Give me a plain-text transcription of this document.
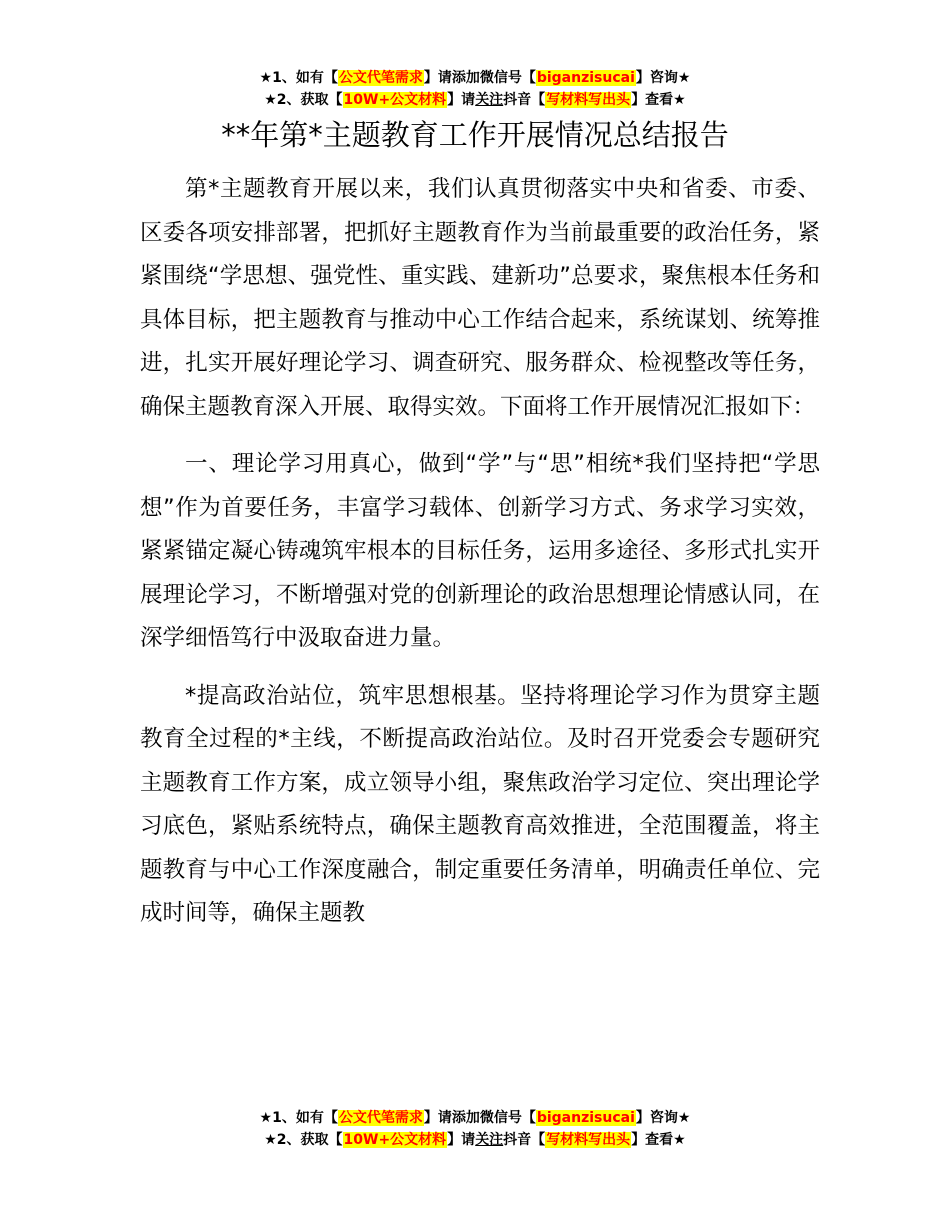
★1、如有【公文代笔需求】请添加微信号【biganzisucai】咨询★
★2、获取【10W+公文材料】请关注抖音【写材料写出头】查看★
**年第*主题教育工作开展情况总结报告

第*主题教育开展以来，我们认真贯彻落实中央和省委、市委、区委各项安排部署，把抓好主题教育作为当前最重要的政治任务，紧紧围绕“学思想、强党性、重实践、建新功”总要求，聚焦根本任务和具体目标，把主题教育与推动中心工作结合起来，系统谋划、统筹推进，扎实开展好理论学习、调查研究、服务群众、检视整改等任务，确保主题教育深入开展、取得实效。下面将工作开展情况汇报如下：

一、理论学习用真心，做到“学”与“思”相统*我们坚持把“学思想”作为首要任务，丰富学习载体、创新学习方式、务求学习实效，紧紧锚定凝心铸魂筑牢根本的目标任务，运用多途径、多形式扎实开展理论学习，不断增强对党的创新理论的政治思想理论情感认同，在深学细悟笃行中汲取奋进力量。

*提高政治站位，筑牢思想根基。坚持将理论学习作为贯穿主题教育全过程的*主线，不断提高政治站位。及时召开党委会专题研究主题教育工作方案，成立领导小组，聚焦政治学习定位、突出理论学习底色，紧贴系统特点，确保主题教育高效推进，全范围覆盖，将主题教育与中心工作深度融合，制定重要任务清单，明确责任单位、完成时间等，确保主题教

★1、如有【公文代笔需求】请添加微信号【biganzisucai】咨询★
★2、获取【10W+公文材料】请关注抖音【写材料写出头】查看★
